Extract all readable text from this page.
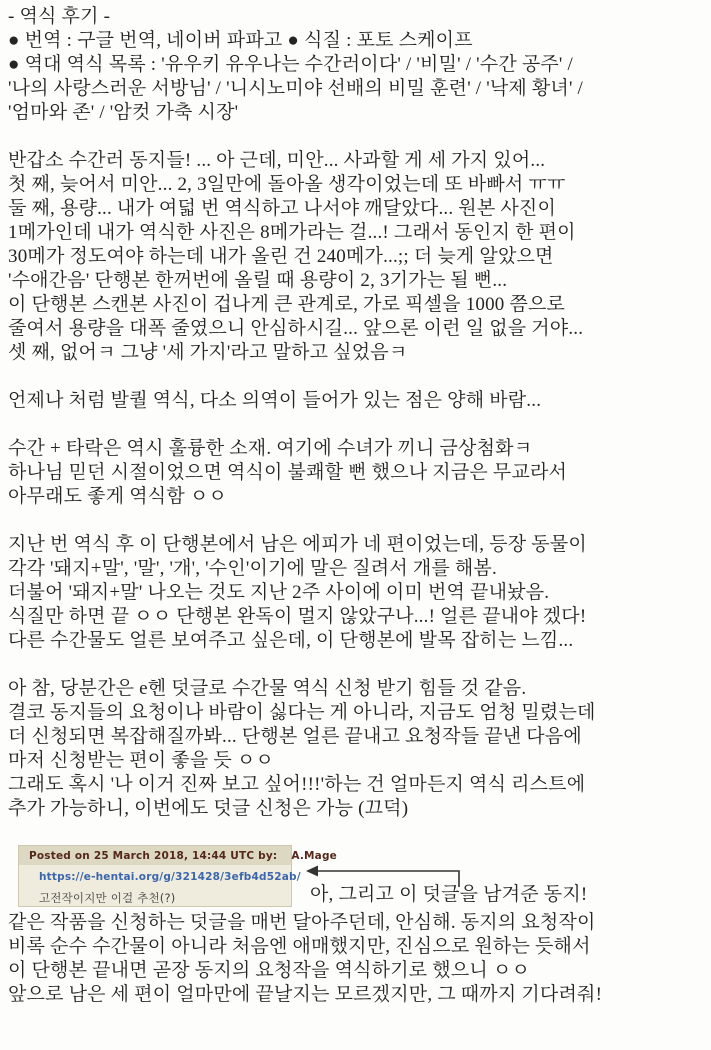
- 역식 후기 -
● 번역 : 구글 번역, 네이버 파파고 ● 식질 : 포토 스케이프
● 역대 역식 목록 : '유우키 유우나는 수간러이다' / '비밀' / '수간 공주' /
'나의 사랑스러운 서방님' / '니시노미야 선배의 비밀 훈련' / '낙제 황녀' /
'엄마와 존' / '암컷 가축 시장'
반갑소 수간러 동지들! ... 아 근데, 미안... 사과할 게 세 가지 있어...
첫 째, 늦어서 미안... 2, 3일만에 돌아올 생각이었는데 또 바빠서 ㅠㅠ
둘 째, 용량... 내가 여덟 번 역식하고 나서야 깨달았다... 원본 사진이
1메가인데 내가 역식한 사진은 8메가라는 걸...! 그래서 동인지 한 편이
30메가 정도여야 하는데 내가 올린 건 240메가...;; 더 늦게 알았으면
'수애간음' 단행본 한꺼번에 올릴 때 용량이 2, 3기가는 될 뻔...
이 단행본 스캔본 사진이 겁나게 큰 관계로, 가로 픽셀을 1000 쯤으로
줄여서 용량을 대폭 줄였으니 안심하시길... 앞으론 이런 일 없을 거야...
셋 째, 없어ㅋ 그냥 '세 가지'라고 말하고 싶었음ㅋ
언제나 처럼 발퀄 역식, 다소 의역이 들어가 있는 점은 양해 바람...
수간 + 타락은 역시 훌륭한 소재. 여기에 수녀가 끼니 금상첨화ㅋ
하나님 믿던 시절이었으면 역식이 불쾌할 뻔 했으나 지금은 무교라서
아무래도 좋게 역식함 ㅇㅇ
지난 번 역식 후 이 단행본에서 남은 에피가 네 편이었는데, 등장 동물이
각각 '돼지+말', '말', '개', '수인'이기에 말은 질려서 개를 해봄.
더불어 '돼지+말' 나오는 것도 지난 2주 사이에 이미 번역 끝내놨음.
식질만 하면 끝 ㅇㅇ 단행본 완독이 멀지 않았구나...! 얼른 끝내야 겠다!
다른 수간물도 얼른 보여주고 싶은데, 이 단행본에 발목 잡히는 느낌...
아 참, 당분간은 e헨 덧글로 수간물 역식 신청 받기 힘들 것 같음.
결코 동지들의 요청이나 바람이 싫다는 게 아니라, 지금도 엄청 밀렸는데
더 신청되면 복잡해질까봐... 단행본 얼른 끝내고 요청작들 끝낸 다음에
마저 신청받는 편이 좋을 듯 ㅇㅇ
그래도 혹시 '나 이거 진짜 보고 싶어!!!'하는 건 얼마든지 역식 리스트에
추가 가능하니, 이번에도 덧글 신청은 가능 (끄덕)
Posted on 25 March 2018, 14:44 UTC by: A.Mage
https://e-hentai.org/g/321428/3efb4d52ab/
고전작이지만 이걸 추천(?)	아, 그리고 이 덧글을 남겨준 동지!
같은 작품을 신청하는 덧글을 매번 달아주던데, 안심해. 동지의 요청작이
비록 순수 수간물이 아니라 처음엔 애매했지만, 진심으로 원하는 듯해서
이 단행본 끝내면 곧장 동지의 요청작을 역식하기로 했으니 ㅇㅇ
앞으로 남은 세 편이 얼마만에 끝날지는 모르겠지만, 그 때까지 기다려줘!
